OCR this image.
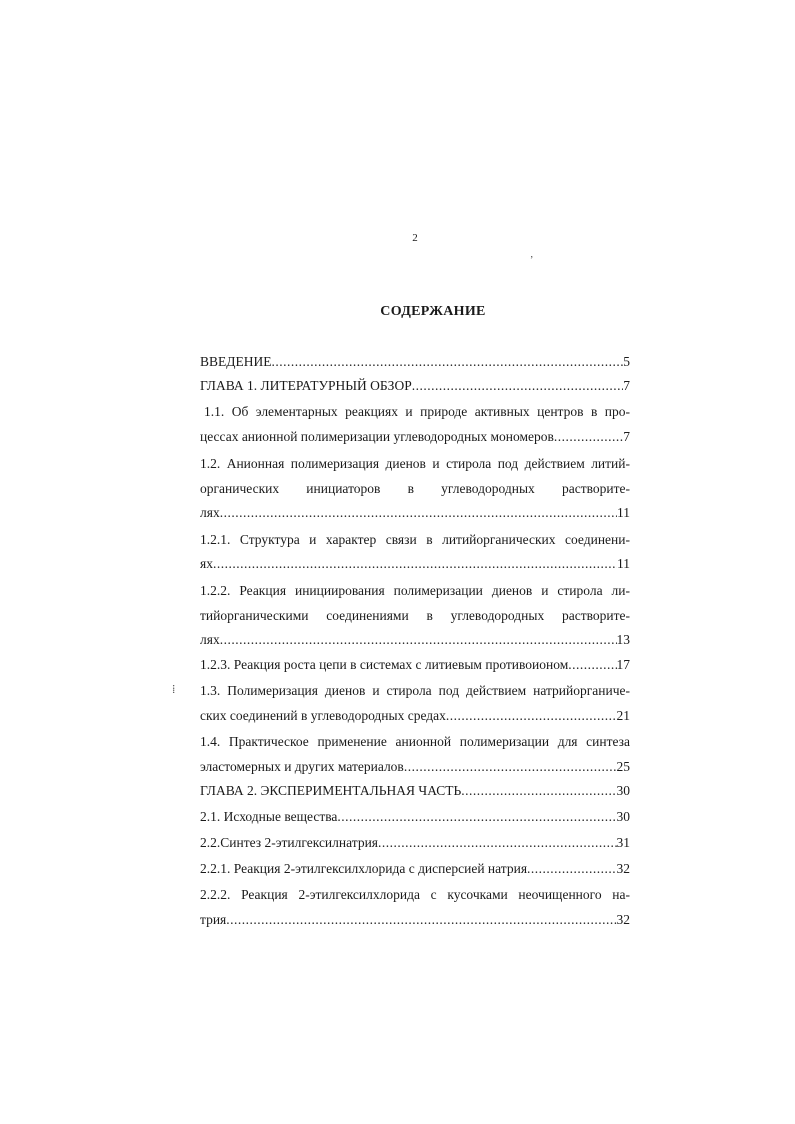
2
СОДЕРЖАНИЕ
ʼ
⁞
ВВЕДЕНИЕ .....	5
ГЛАВА 1. ЛИТЕРАТУРНЫЙ ОБЗОР .....	7
1.1. Об элементарных реакциях и природе активных центров в про-
цессах анионной полимеризации углеводородных мономеров .....	7
1.2. Анионная полимеризация диенов и стирола под действием литий-
органических инициаторов в углеводородных растворите-
лях .....	11
1.2.1. Структура и характер связи в литийорганических соединени-
ях .....	11
1.2.2. Реакция инициирования полимеризации диенов и стирола ли-
тийорганическими соединениями в углеводородных растворите-
лях .....	13
1.2.3. Реакция роста цепи в системах с литиевым противоионом .....	17
1.3. Полимеризация диенов и стирола под действием натрийорганиче-
ских соединений в углеводородных средах .....	21
1.4. Практическое применение анионной полимеризации для синтеза
эластомерных и других материалов .....	25
ГЛАВА 2. ЭКСПЕРИМЕНТАЛЬНАЯ ЧАСТЬ .....	30
2.1. Исходные вещества .....	30
2.2.Синтез 2-этилгексилнатрия .....	31
2.2.1. Реакция 2-этилгексилхлорида с дисперсией натрия .....	32
2.2.2. Реакция 2-этилгексилхлорида с кусочками неочищенного на-
трия .....	32
